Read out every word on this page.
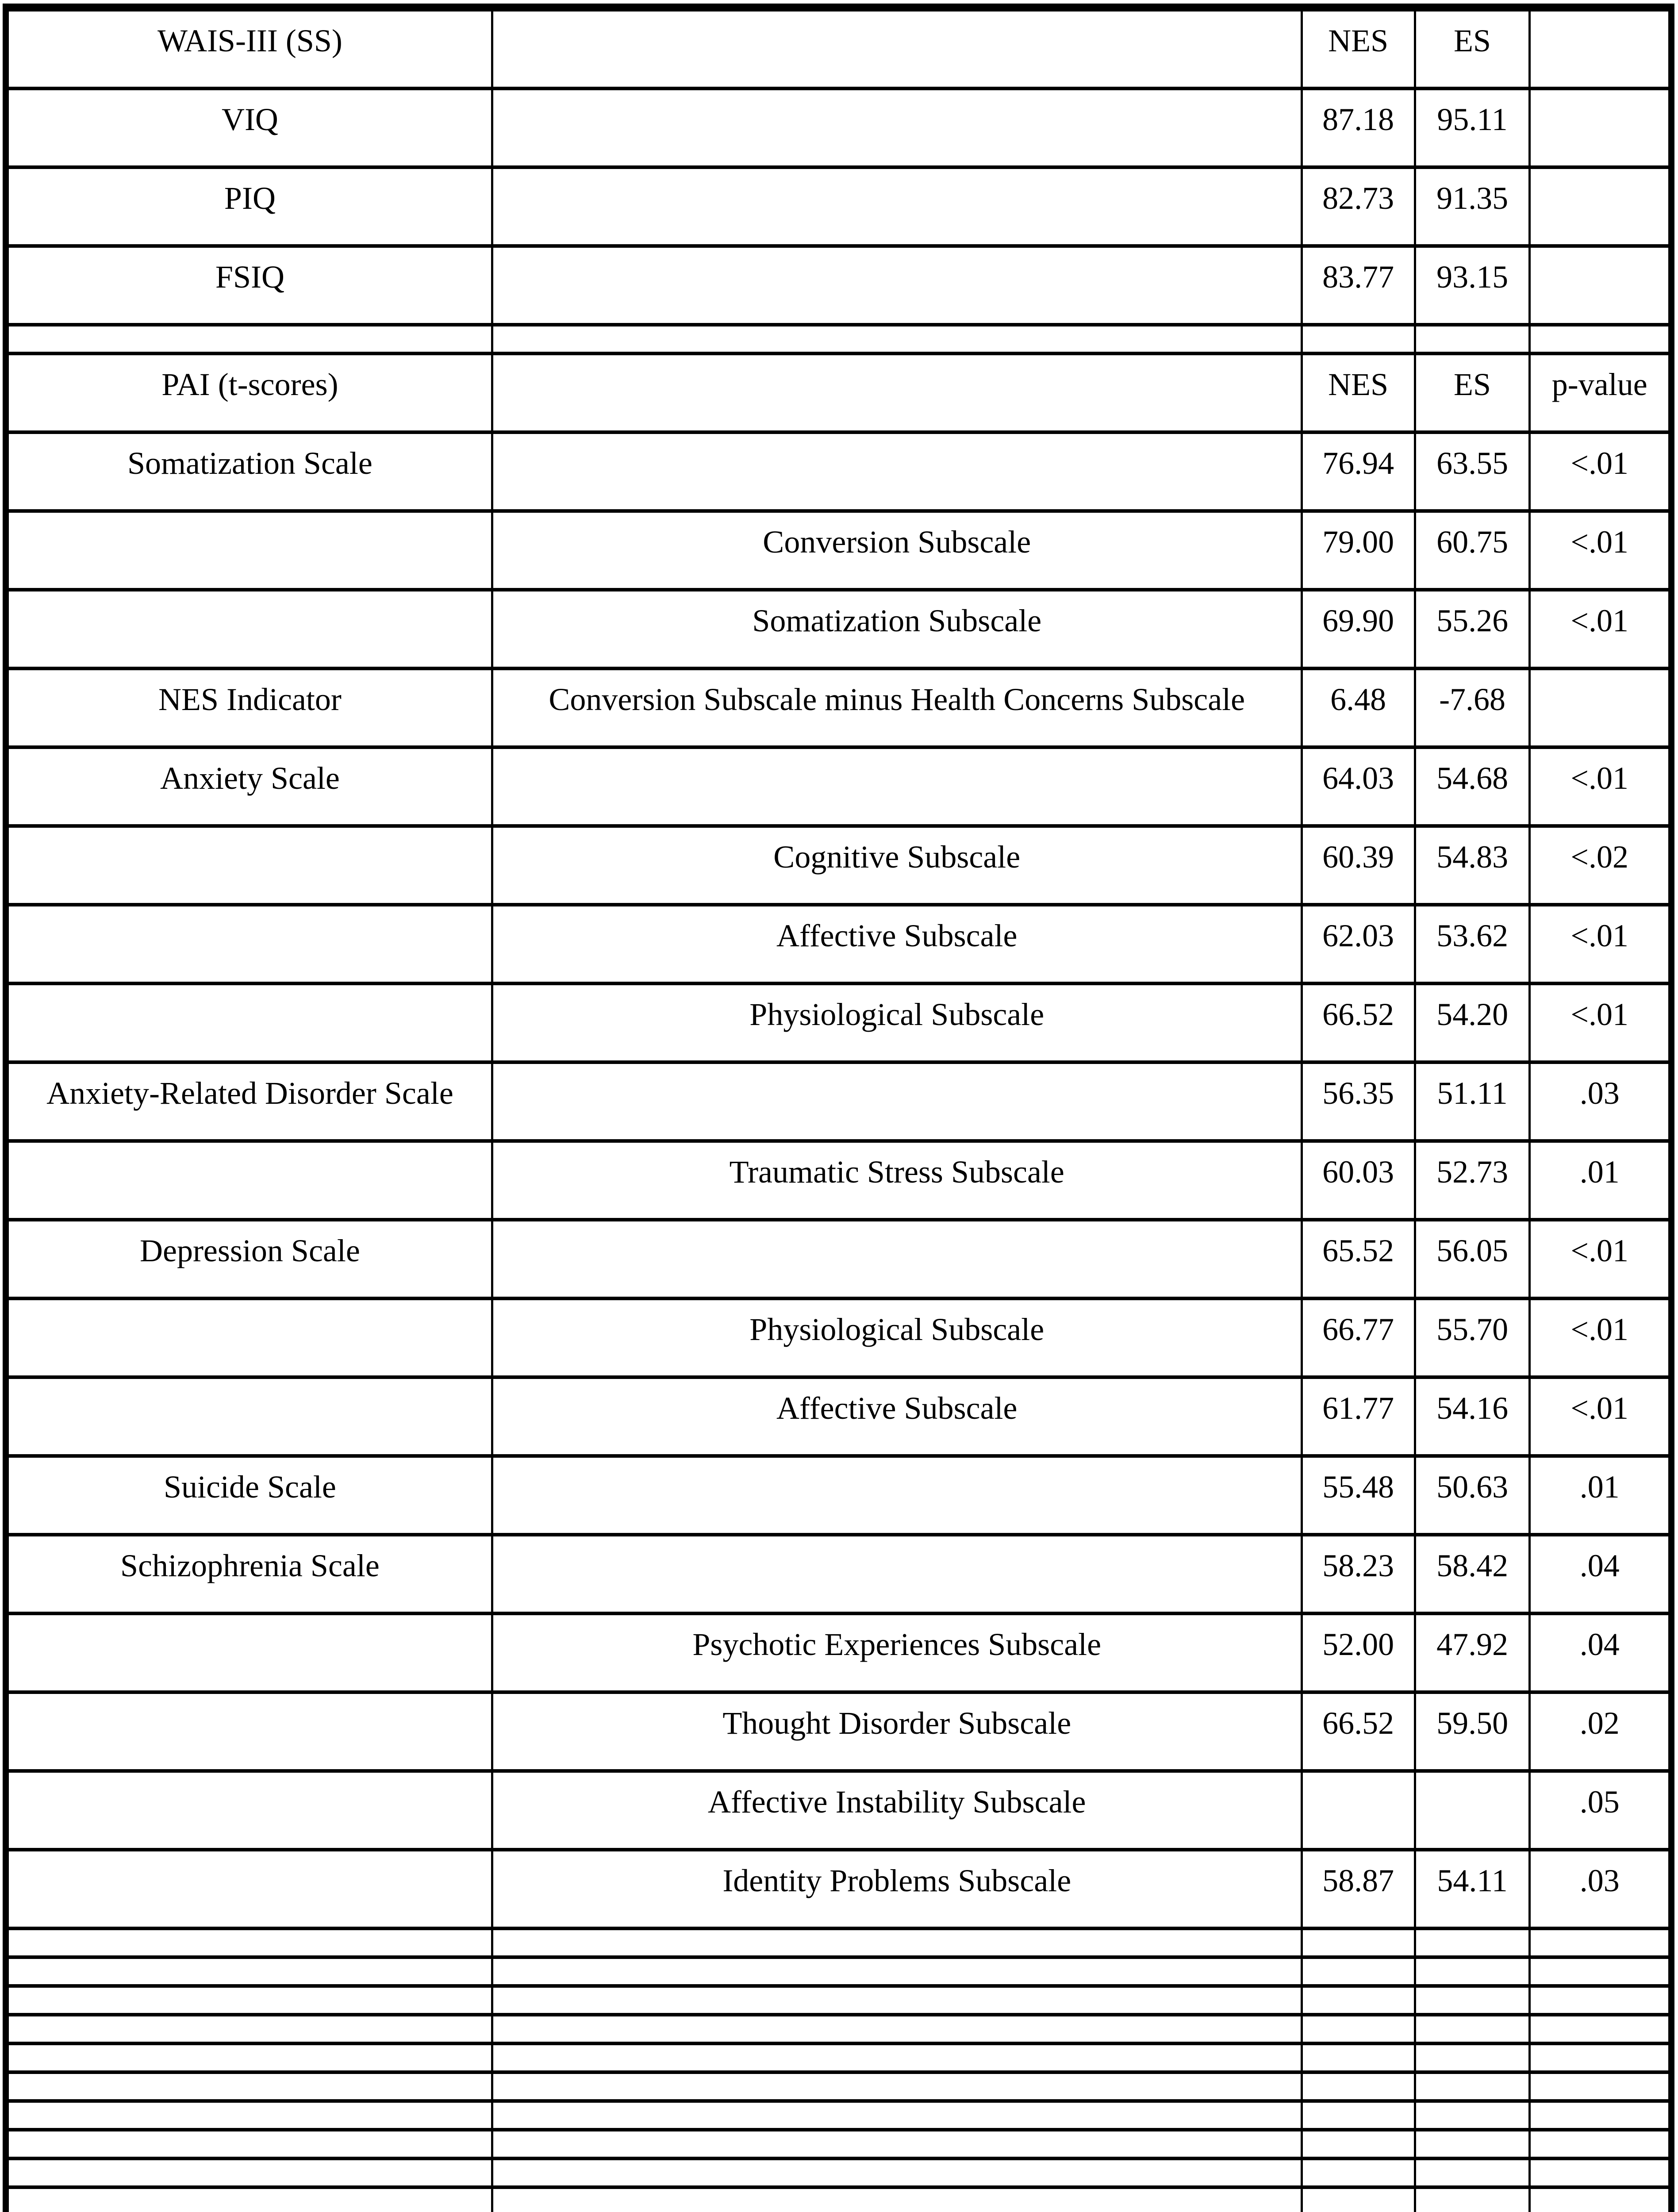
WAIS-III (SS)		NES	ES	
VIQ		87.18	95.11	
PIQ		82.73	91.35	
FSIQ		83.77	93.15	

PAI (t-scores)		NES	ES	p-value
Somatization Scale		76.94	63.55	<.01
	Conversion Subscale	79.00	60.75	<.01
	Somatization Subscale	69.90	55.26	<.01
NES Indicator	Conversion Subscale minus Health Concerns Subscale	6.48	-7.68	
Anxiety Scale		64.03	54.68	<.01
	Cognitive Subscale	60.39	54.83	<.02
	Affective Subscale	62.03	53.62	<.01
	Physiological Subscale	66.52	54.20	<.01
Anxiety-Related Disorder Scale		56.35	51.11	.03
	Traumatic Stress Subscale	60.03	52.73	.01
Depression Scale		65.52	56.05	<.01
	Physiological Subscale	66.77	55.70	<.01
	Affective Subscale	61.77	54.16	<.01
Suicide Scale		55.48	50.63	.01
Schizophrenia Scale		58.23	58.42	.04
	Psychotic Experiences Subscale	52.00	47.92	.04
	Thought Disorder Subscale	66.52	59.50	.02
	Affective Instability Subscale			.05
	Identity Problems Subscale	58.87	54.11	.03
